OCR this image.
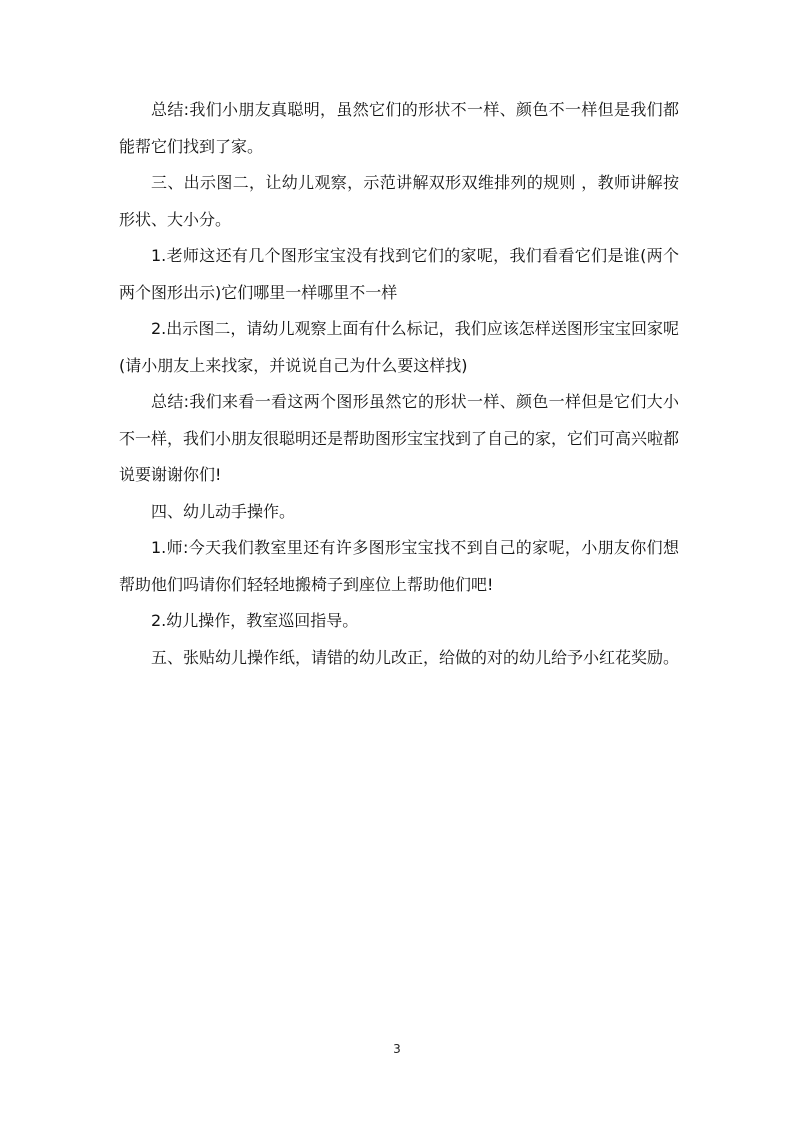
总结:我们小朋友真聪明，虽然它们的形状不一样、颜色不一样但是我们都能帮它们找到了家。

三、出示图二，让幼儿观察，示范讲解双形双维排列的规则 ，教师讲解按形状、大小分。

1.老师这还有几个图形宝宝没有找到它们的家呢，我们看看它们是谁(两个两个图形出示)它们哪里一样哪里不一样

2.出示图二，请幼儿观察上面有什么标记，我们应该怎样送图形宝宝回家呢(请小朋友上来找家，并说说自己为什么要这样找)

总结:我们来看一看这两个图形虽然它的形状一样、颜色一样但是它们大小不一样，我们小朋友很聪明还是帮助图形宝宝找到了自己的家，它们可高兴啦都说要谢谢你们!

四、幼儿动手操作。

1.师:今天我们教室里还有许多图形宝宝找不到自己的家呢，小朋友你们想帮助他们吗请你们轻轻地搬椅子到座位上帮助他们吧!

2.幼儿操作，教室巡回指导。

五、张贴幼儿操作纸，请错的幼儿改正，给做的对的幼儿给予小红花奖励。

3
